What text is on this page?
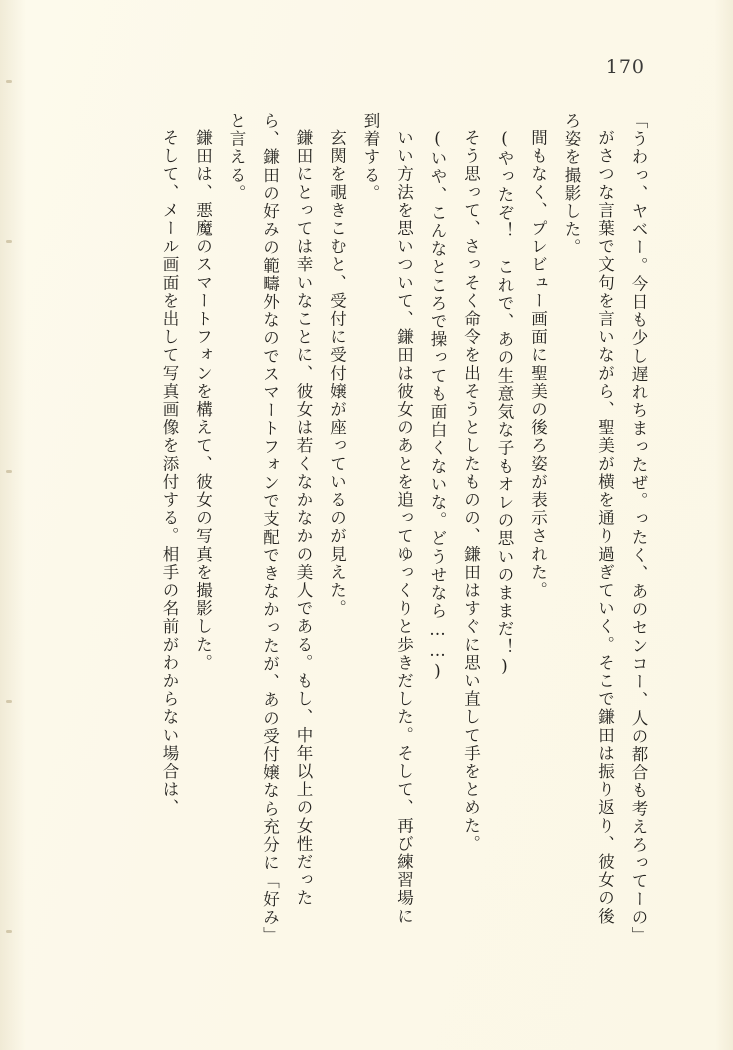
170

「うわっ、ヤベー。今日も少し遅れちまったぜ。ったく、あのセンコー、人の都合も考えろってーの」

がさつな言葉で文句を言いながら、聖美が横を通り過ぎていく。そこで鎌田は振り返り、彼女の後ろ姿を撮影した。

間もなく、プレビュー画面に聖美の後ろ姿が表示された。

(やったぞ！　これで、あの生意気な子もオレの思いのままだ！)

そう思って、さっそく命令を出そうとしたものの、鎌田はすぐに思い直して手をとめた。

(いや、こんなところで操っても面白くないな。どうせなら……)

いい方法を思いついて、鎌田は彼女のあとを追ってゆっくりと歩きだした。そして、再び練習場に到着する。

玄関を覗きこむと、受付に受付嬢が座っているのが見えた。

鎌田にとっては幸いなことに、彼女は若くなかなかの美人である。もし、中年以上の女性だったら、鎌田の好みの範疇外なのでスマートフォンで支配できなかったが、あの受付嬢なら充分に「好み」と言える。

鎌田は、悪魔のスマートフォンを構えて、彼女の写真を撮影した。

そして、メール画面を出して写真画像を添付する。相手の名前がわからない場合は、
